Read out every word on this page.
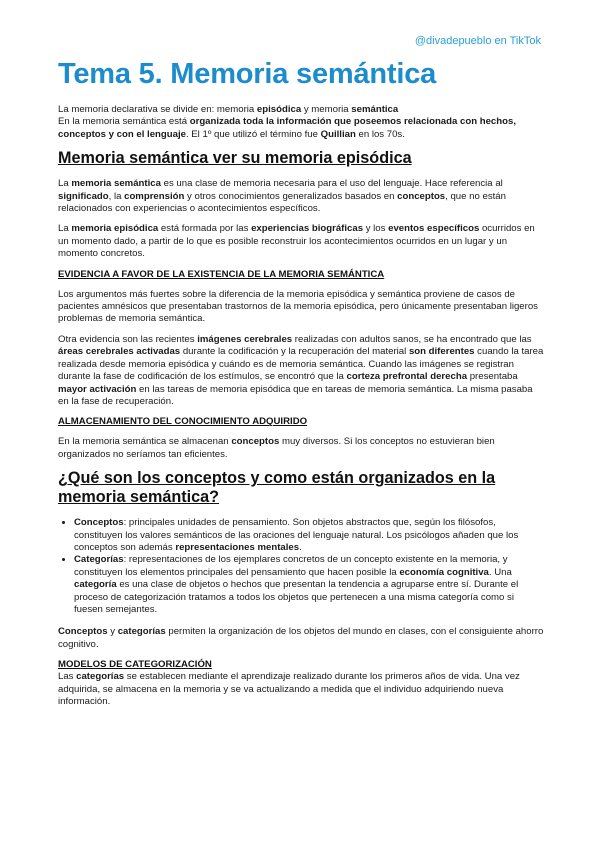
@divadepueblo en TikTok
Tema 5. Memoria semántica

La memoria declarativa se divide en: memoria episódica y memoria semántica
En la memoria semántica está organizada toda la información que poseemos relacionada con hechos, conceptos y con el lenguaje. El 1º que utilizó el término fue Quillian en los 70s.

Memoria semántica ver su memoria episódica

La memoria semántica es una clase de memoria necesaria para el uso del lenguaje. Hace referencia al significado, la comprensión y otros conocimientos generalizados basados en conceptos, que no están relacionados con experiencias o acontecimientos específicos.

La memoria episódica está formada por las experiencias biográficas y los eventos específicos ocurridos en un momento dado, a partir de lo que es posible reconstruir los acontecimientos ocurridos en un lugar y un momento concretos.

EVIDENCIA A FAVOR DE LA EXISTENCIA DE LA MEMORIA SEMÁNTICA

Los argumentos más fuertes sobre la diferencia de la memoria episódica y semántica proviene de casos de pacientes amnésicos que presentaban trastornos de la memoria episódica, pero únicamente presentaban ligeros problemas de memoria semántica.

Otra evidencia son las recientes imágenes cerebrales realizadas con adultos sanos, se ha encontrado que las áreas cerebrales activadas durante la codificación y la recuperación del material son diferentes cuando la tarea realizada desde memoria episódica y cuándo es de memoria semántica. Cuando las imágenes se registran durante la fase de codificación de los estímulos, se encontró que la corteza prefrontal derecha presentaba mayor activación en las tareas de memoria episódica que en tareas de memoria semántica. La misma pasaba en la fase de recuperación.

ALMACENAMIENTO DEL CONOCIMIENTO ADQUIRIDO

En la memoria semántica se almacenan conceptos muy diversos. Si los conceptos no estuvieran bien organizados no seríamos tan eficientes.

¿Qué son los conceptos y como están organizados en la memoria semántica?
• Conceptos: principales unidades de pensamiento. Son objetos abstractos que, según los filósofos, constituyen los valores semánticos de las oraciones del lenguaje natural. Los psicólogos añaden que los conceptos son además representaciones mentales.
• Categorías: representaciones de los ejemplares concretos de un concepto existente en la memoria, y constituyen los elementos principales del pensamiento que hacen posible la economía cognitiva. Una categoría es una clase de objetos o hechos que presentan la tendencia a agruparse entre sí. Durante el proceso de categorización tratamos a todos los objetos que pertenecen a una misma categoría como si fuesen semejantes.

Conceptos y categorías permiten la organización de los objetos del mundo en clases, con el consiguiente ahorro cognitivo.

MODELOS DE CATEGORIZACIÓN

Las categorías se establecen mediante el aprendizaje realizado durante los primeros años de vida. Una vez adquirida, se almacena en la memoria y se va actualizando a medida que el individuo adquiriendo nueva información.
